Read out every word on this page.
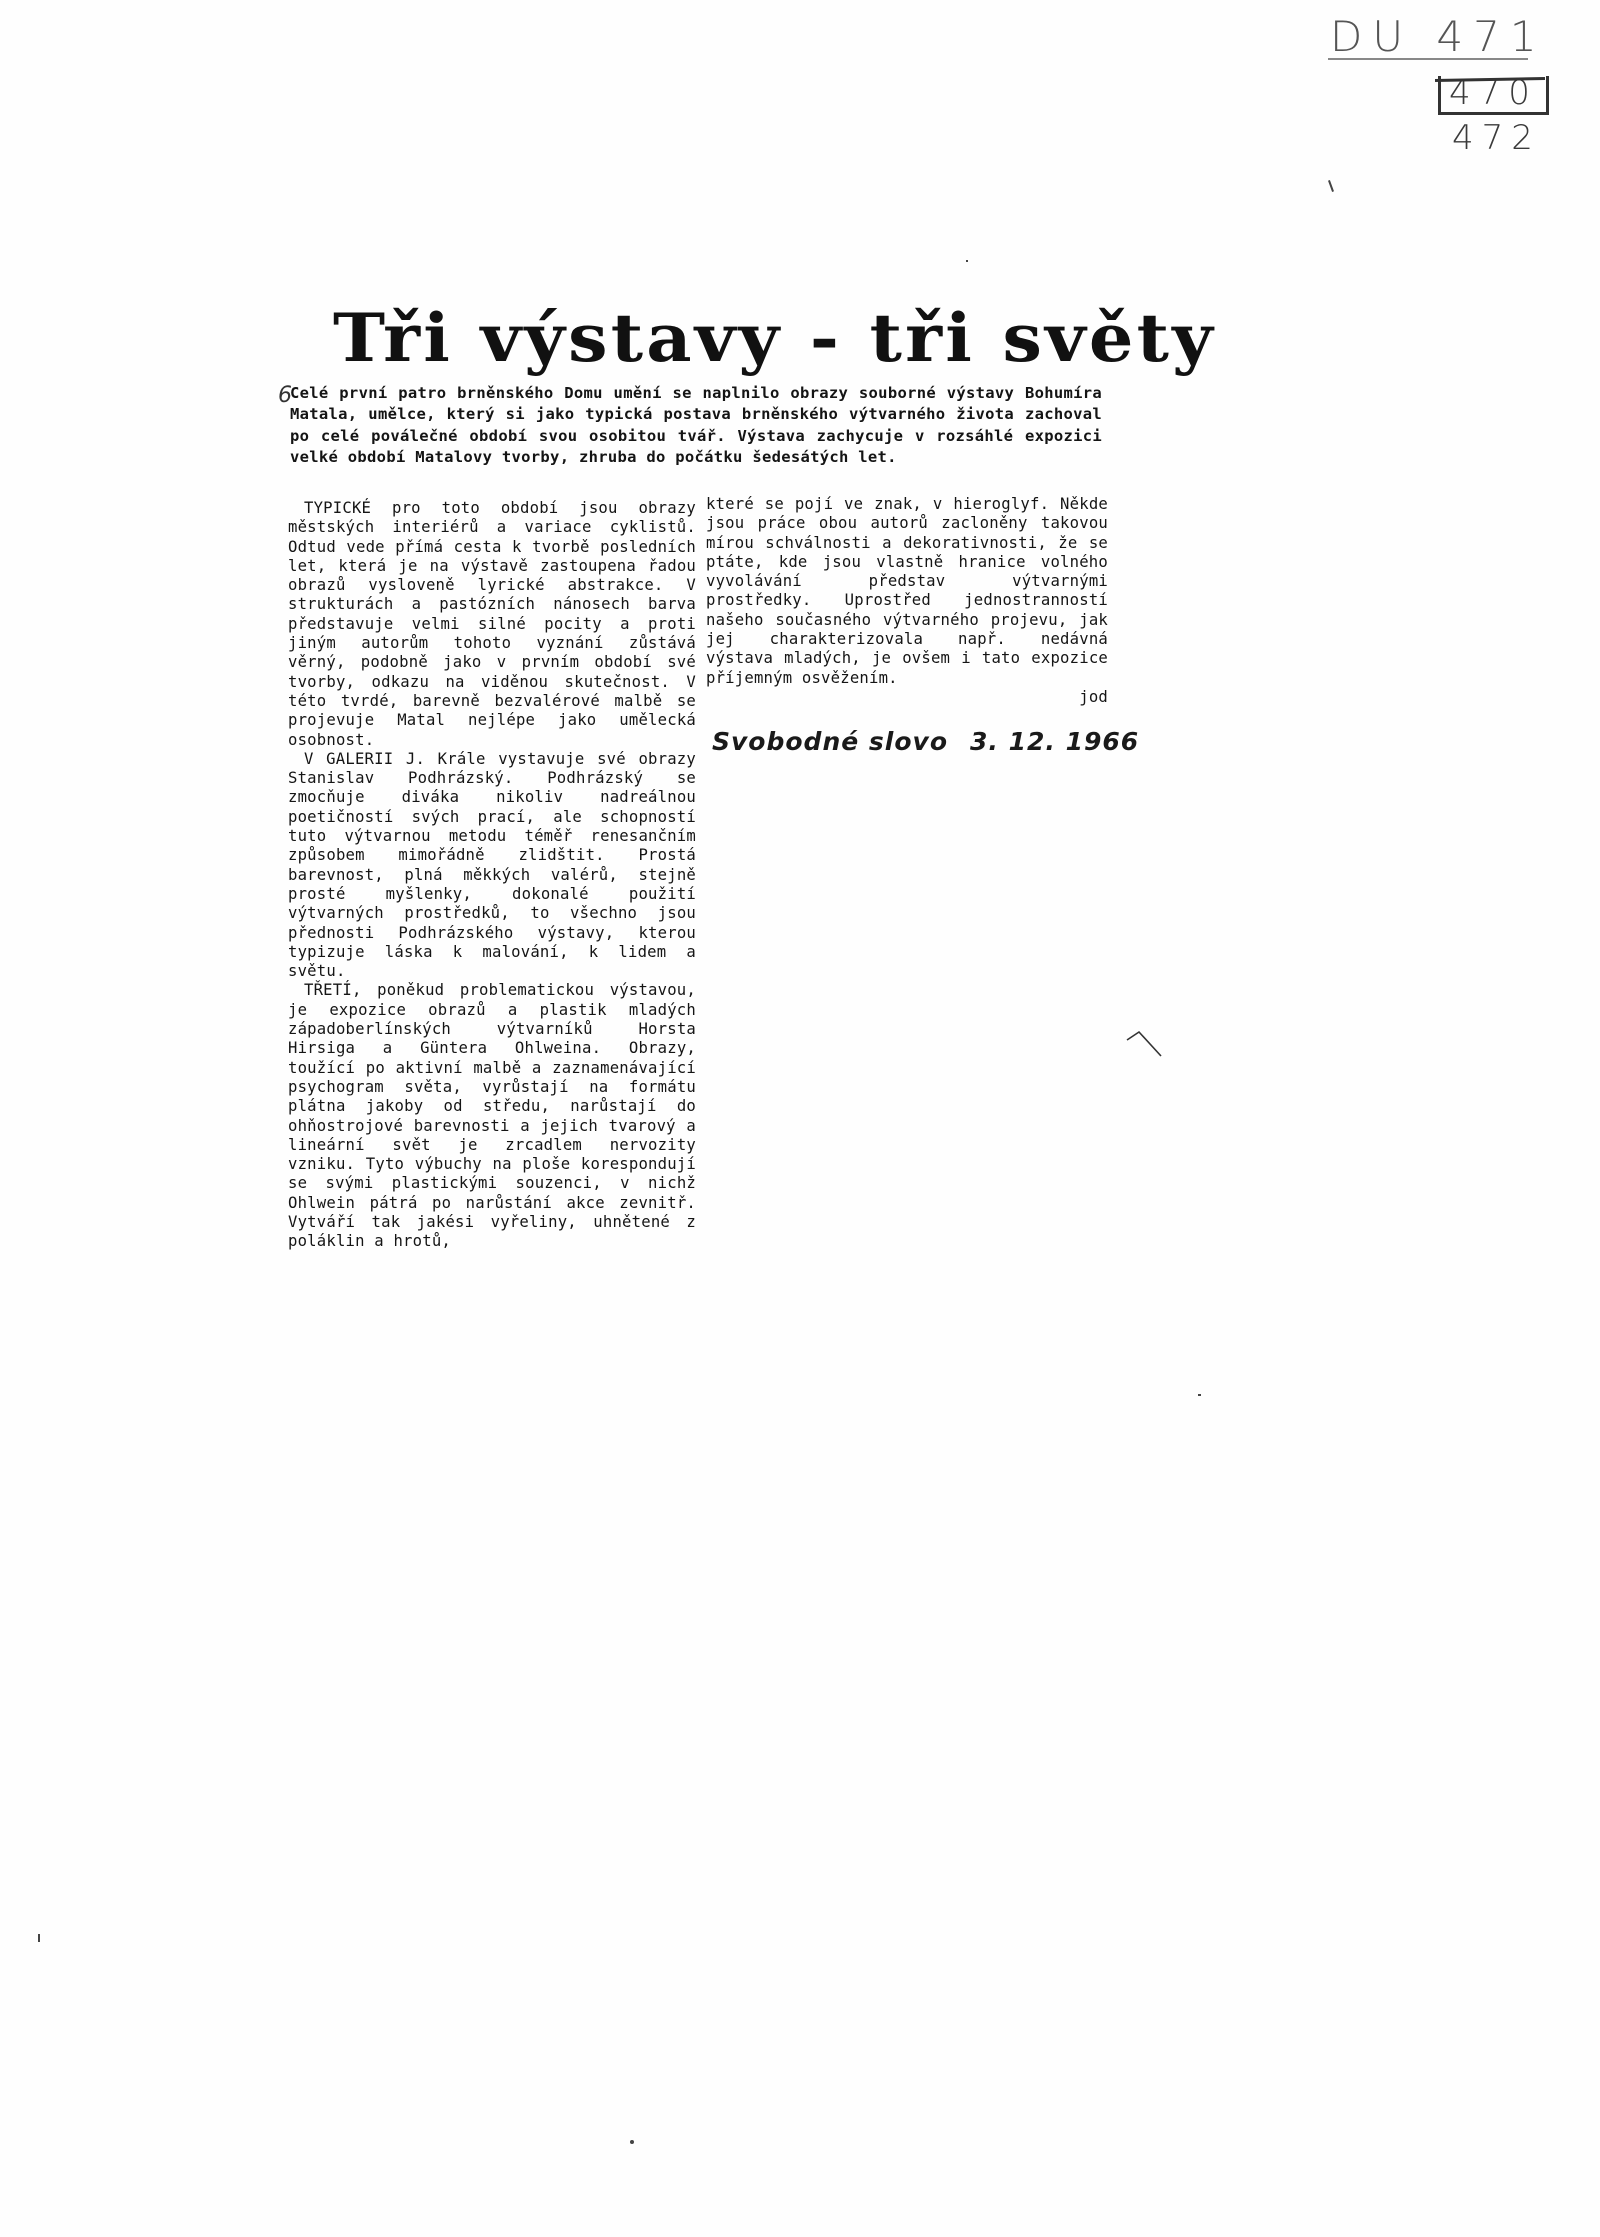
DU 471
470
472
Tři výstavy - tři světy
6
Celé první patro brněnského Domu umění se naplnilo obrazy souborné výstavy Bohumíra Matala, umělce, který si jako typická postava brněnského výtvarného života zachoval po celé poválečné období svou osobitou tvář. Výstava zachycuje v rozsáhlé expozici velké období Matalovy tvorby, zhruba do počátku šedesátých let.

TYPICKÉ pro toto období jsou obrazy městských interiérů a variace cyklistů. Odtud vede přímá cesta k tvorbě posledních let, která je na výstavě zastoupena řadou obrazů vysloveně lyrické abstrakce. V strukturách a pastózních nánosech barva představuje velmi silné pocity a proti jiným autorům tohoto vyznání zůstává věrný, podobně jako v prvním období své tvorby, odkazu na viděnou skutečnost. V této tvrdé, barevně bezvalérové malbě se projevuje Matal nejlépe jako umělecká osobnost.

V GALERII J. Krále vystavuje své obrazy Stanislav Podhrázský. Podhrázský se zmocňuje diváka nikoliv nadreálnou poetičností svých prací, ale schopností tuto výtvarnou metodu téměř renesančním způsobem mimořádně zlidštit. Prostá barevnost, plná měkkých valérů, stejně prosté myšlenky, dokonalé použití výtvarných prostředků, to všechno jsou přednosti Podhrázského výstavy, kterou typizuje láska k malování, k lidem a světu.

TŘETÍ, poněkud problematickou výstavou, je expozice obrazů a plastik mladých západoberlínských výtvarníků Horsta Hirsiga a Güntera Ohlweina. Obrazy, toužící po aktivní malbě a zaznamenávající psychogram světa, vyrůstají na formátu plátna jakoby od středu, narůstají do ohňostrojové barevnosti a jejich tvarový a lineární svět je zrcadlem nervozity vzniku. Tyto výbuchy na ploše korespondují se svými plastickými souzenci, v nichž Ohlwein pátrá po narůstání akce zevnitř. Vytváří tak jakési vyřeliny, uhnětené z poláklin a hrotů,

které se pojí ve znak, v hieroglyf. Někde jsou práce obou autorů zacloněny takovou mírou schválnosti a dekorativnosti, že se ptáte, kde jsou vlastně hranice volného vyvolávání představ výtvarnými prostředky. Uprostřed jednostranností našeho současného výtvarného projevu, jak jej charakterizovala např. nedávná výstava mladých, je ovšem i tato expozice příjemným osvěžením.

jod
Svobodné slovo 3. 12. 1966
